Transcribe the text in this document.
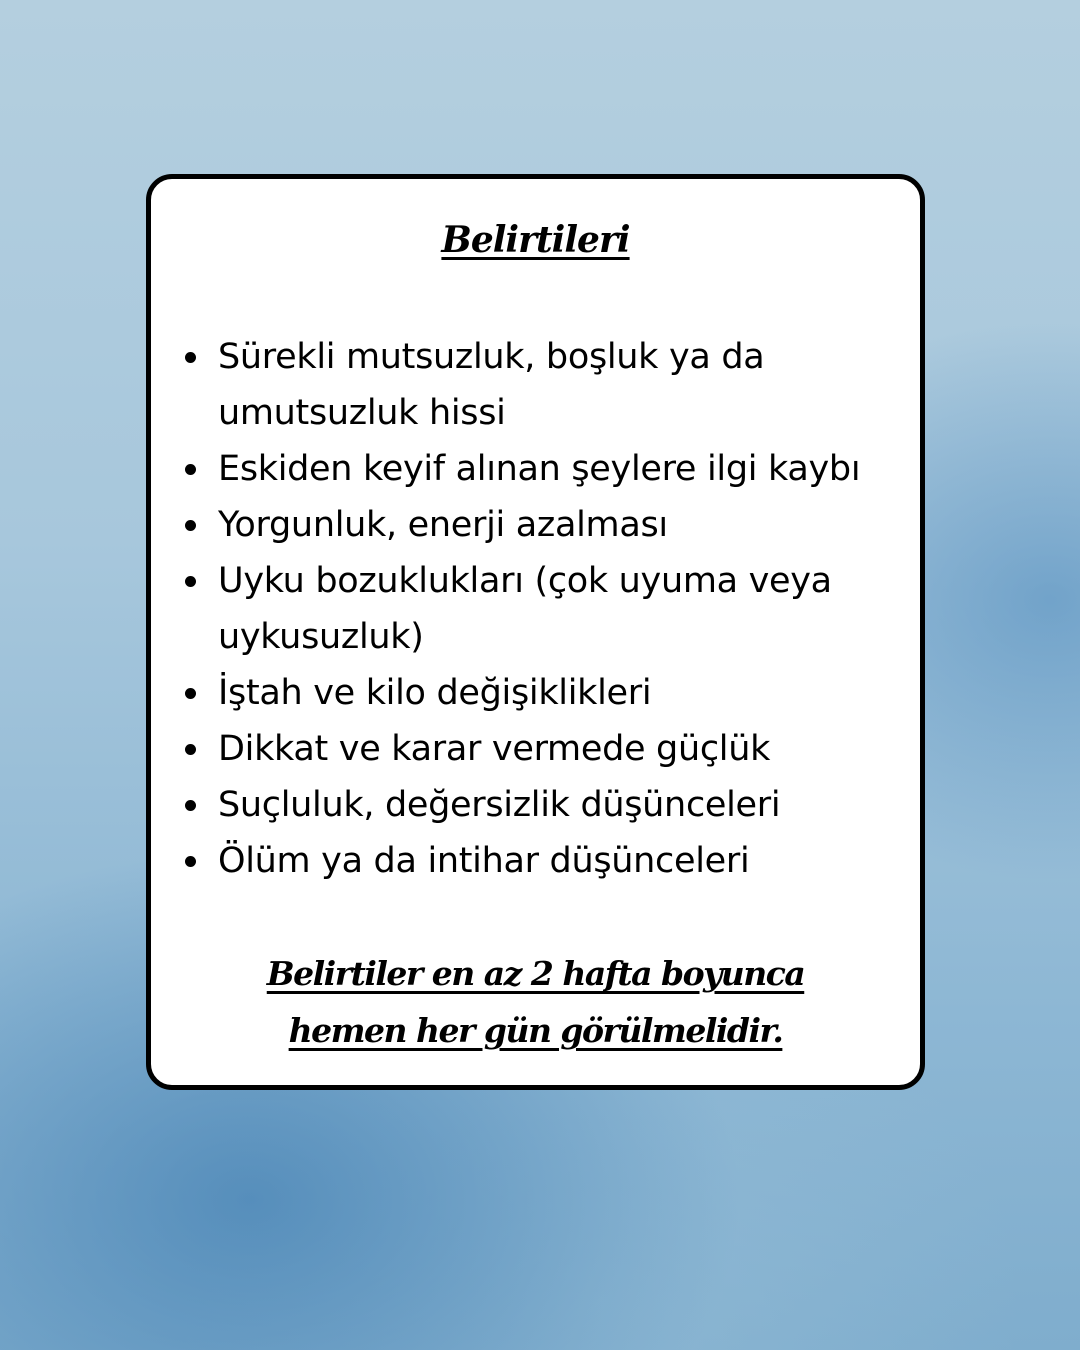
Belirtileri
Sürekli mutsuzluk, boşluk ya da umutsuzluk hissi
Eskiden keyif alınan şeylere ilgi kaybı
Yorgunluk, enerji azalması
Uyku bozuklukları (çok uyuma veya uykusuzluk)
İştah ve kilo değişiklikleri
Dikkat ve karar vermede güçlük
Suçluluk, değersizlik düşünceleri
Ölüm ya da intihar düşünceleri
Belirtiler en az 2 hafta boyunca
hemen her gün görülmelidir.
